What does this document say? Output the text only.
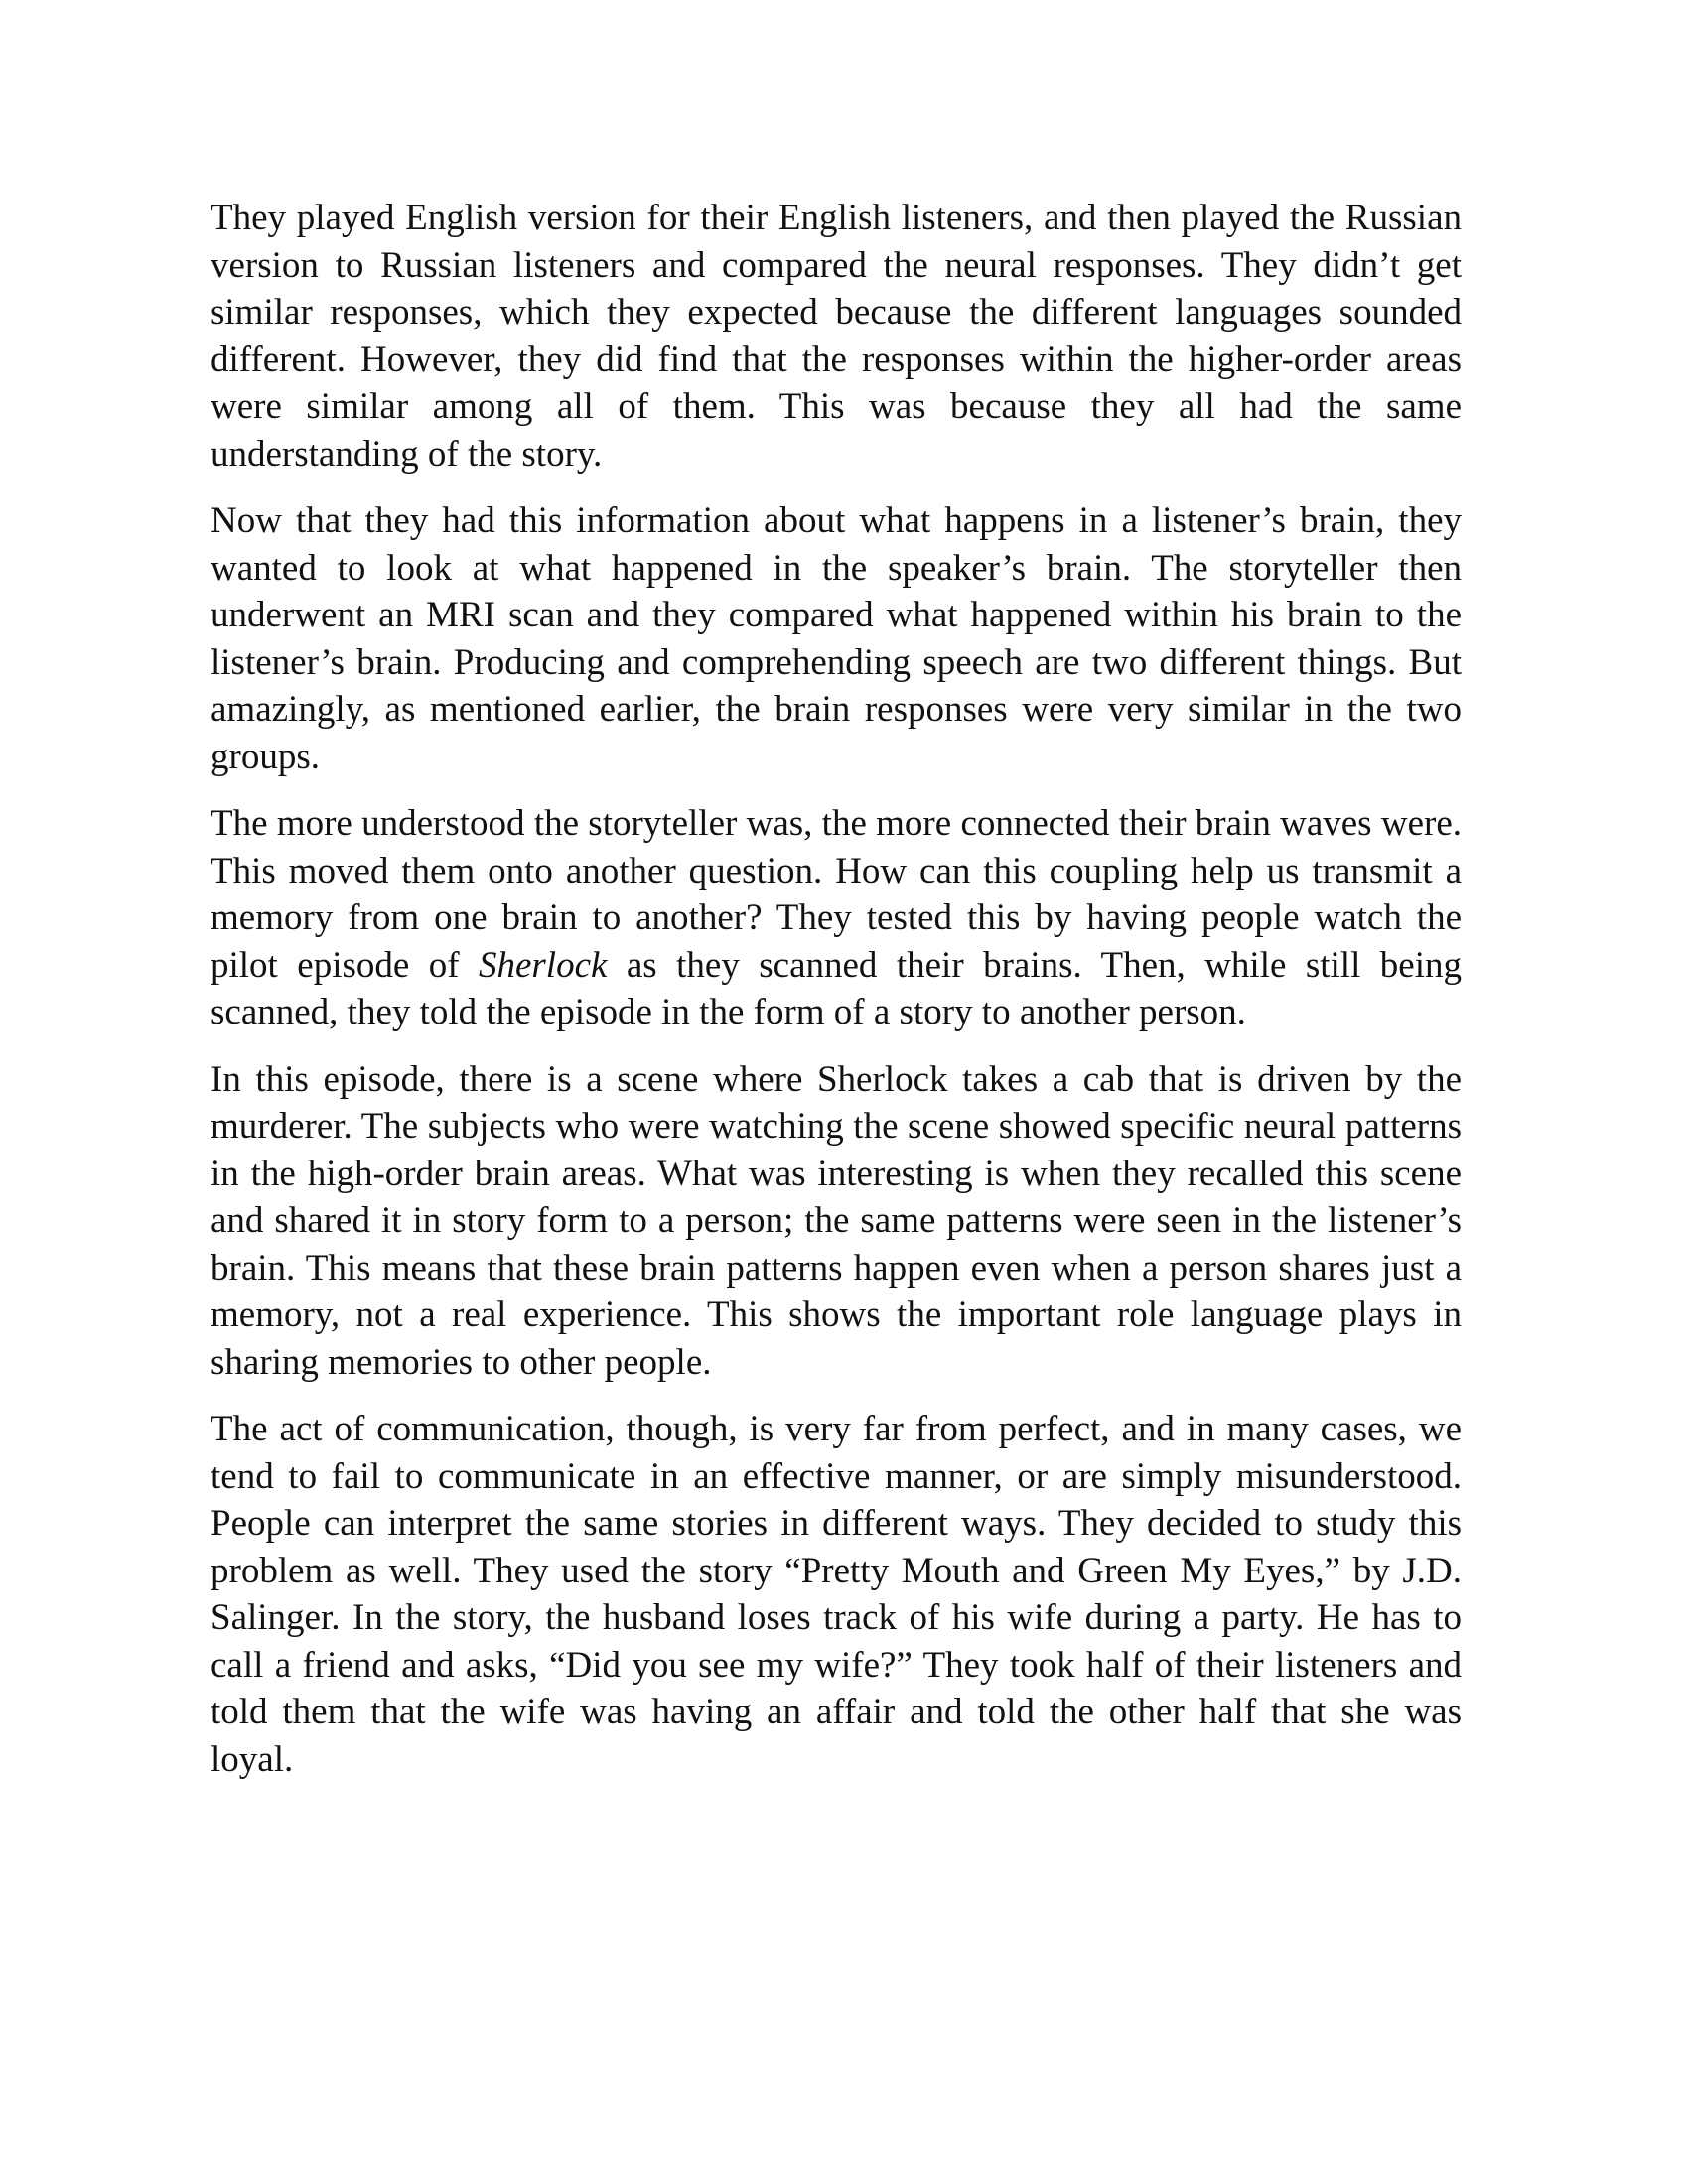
They played English version for their English listeners, and then played the Russian version to Russian listeners and compared the neural responses. They didn’t get similar responses, which they expected because the different languages sounded different. However, they did find that the responses within the higher-order areas were similar among all of them. This was because they all had the same understanding of the story.

Now that they had this information about what happens in a listener’s brain, they wanted to look at what happened in the speaker’s brain. The storyteller then underwent an MRI scan and they compared what happened within his brain to the listener’s brain. Producing and comprehending speech are two different things. But amazingly, as mentioned earlier, the brain responses were very similar in the two groups.

The more understood the storyteller was, the more connected their brain waves were. This moved them onto another question. How can this coupling help us transmit a memory from one brain to another? They tested this by having people watch the pilot episode of Sherlock as they scanned their brains. Then, while still being scanned, they told the episode in the form of a story to another person.

In this episode, there is a scene where Sherlock takes a cab that is driven by the murderer. The subjects who were watching the scene showed specific neural patterns in the high-order brain areas. What was interesting is when they recalled this scene and shared it in story form to a person; the same patterns were seen in the listener’s brain. This means that these brain patterns happen even when a person shares just a memory, not a real experience. This shows the important role language plays in sharing memories to other people.

The act of communication, though, is very far from perfect, and in many cases, we tend to fail to communicate in an effective manner, or are simply misunderstood. People can interpret the same stories in different ways. They decided to study this problem as well. They used the story “Pretty Mouth and Green My Eyes,” by J.D. Salinger. In the story, the husband loses track of his wife during a party. He has to call a friend and asks, “Did you see my wife?” They took half of their listeners and told them that the wife was having an affair and told the other half that she was loyal.
